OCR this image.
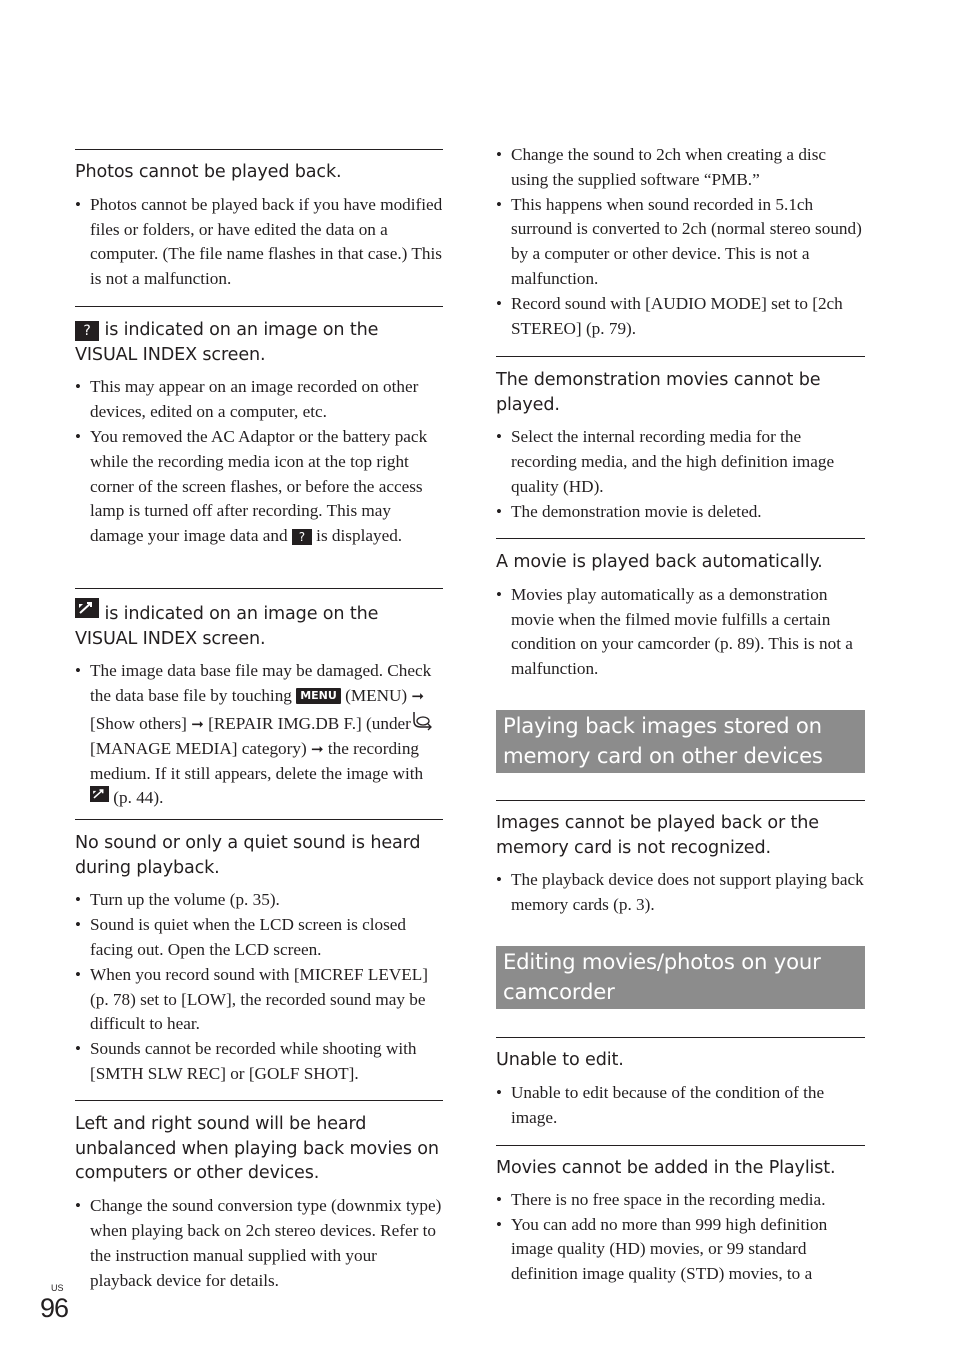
Photos cannot be played back.

• Photos cannot be played back if you have modified files or folders, or have edited the data on a computer. (The file name flashes in that case.) This is not a malfunction.

? is indicated on an image on the VISUAL INDEX screen.

• This may appear on an image recorded on other devices, edited on a computer, etc.
• You removed the AC Adaptor or the battery pack while the recording media icon at the top right corner of the screen flashes, or before the access lamp is turned off after recording. This may damage your image data and ? is displayed.

is indicated on an image on the VISUAL INDEX screen.

• The image data base file may be damaged. Check the data base file by touching MENU (MENU) ➞ [Show others] ➞ [REPAIR IMG.DB F.] (under [MANAGE MEDIA] category) ➞ the recording medium. If it still appears, delete the image with
(p. 44).

No sound or only a quiet sound is heard during playback.

• Turn up the volume (p. 35).
• Sound is quiet when the LCD screen is closed facing out. Open the LCD screen.
• When you record sound with [MICREF LEVEL] (p. 78) set to [LOW], the recorded sound may be difficult to hear.
• Sounds cannot be recorded while shooting with [SMTH SLW REC] or [GOLF SHOT].

Left and right sound will be heard unbalanced when playing back movies on computers or other devices.

• Change the sound conversion type (downmix type) when playing back on 2ch stereo devices. Refer to the instruction manual supplied with your playback device for details.
• Change the sound to 2ch when creating a disc using the supplied software “PMB.”
• This happens when sound recorded in 5.1ch surround is converted to 2ch (normal stereo sound) by a computer or other device. This is not a malfunction.
• Record sound with [AUDIO MODE] set to [2ch STEREO] (p. 79).

The demonstration movies cannot be played.

• Select the internal recording media for the recording media, and the high definition image quality (HD).
• The demonstration movie is deleted.

A movie is played back automatically.

• Movies play automatically as a demonstration movie when the filmed movie fulfills a certain condition on your camcorder (p. 89). This is not a malfunction.
Playing back images stored on memory card on other devices

Images cannot be played back or the memory card is not recognized.

• The playback device does not support playing back memory cards (p. 3).
Editing movies/photos on your camcorder

Unable to edit.

• Unable to edit because of the condition of the image.

Movies cannot be added in the Playlist.

• There is no free space in the recording media.
• You can add no more than 999 high definition image quality (HD) movies, or 99 standard definition image quality (STD) movies, to a
US
96
